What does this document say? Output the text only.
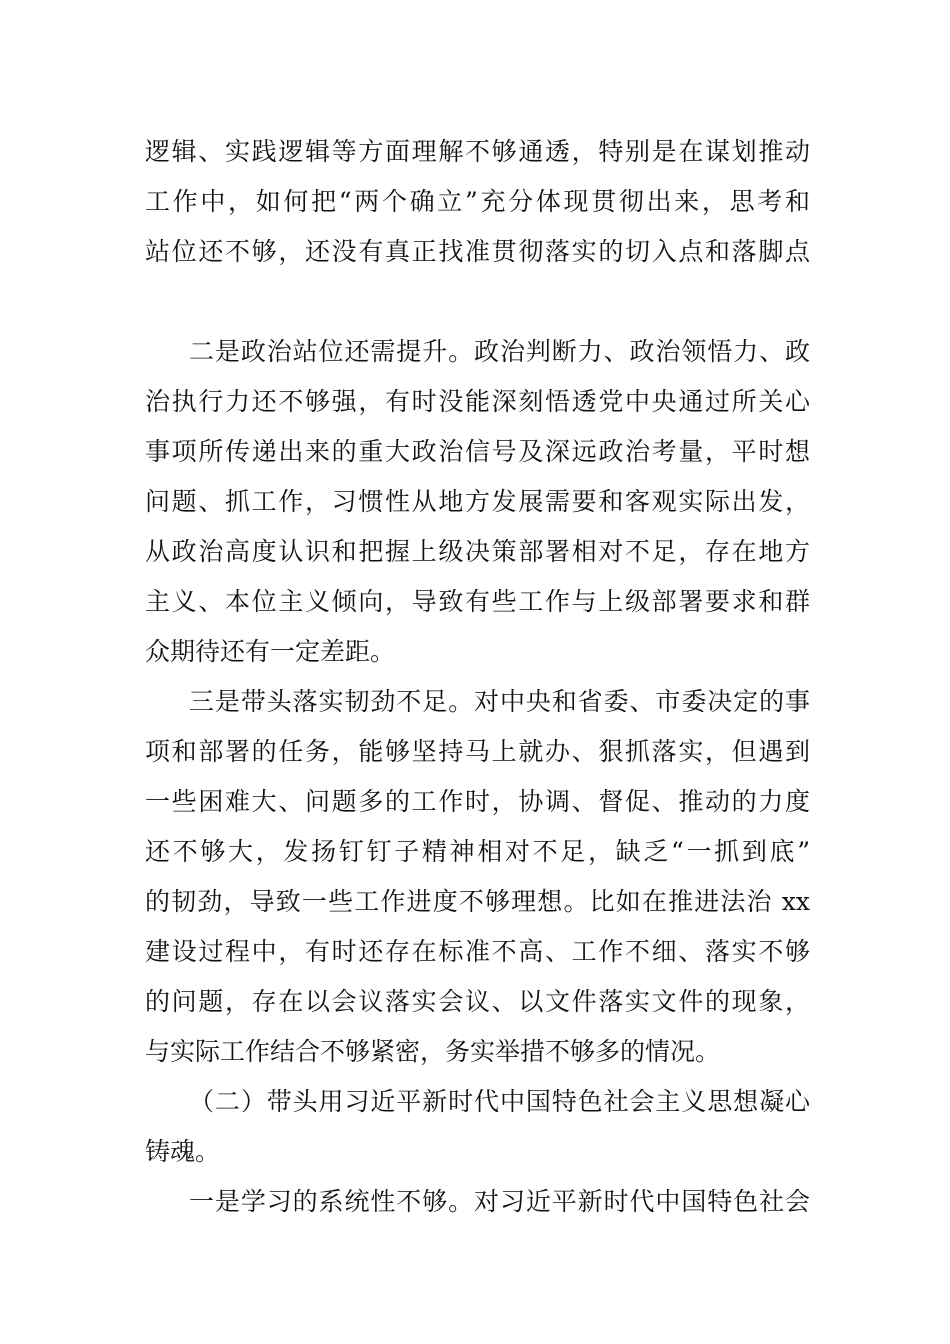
逻辑、实践逻辑等方面理解不够通透，特别是在谋划推动
工作中，如何把“两个确立”充分体现贯彻出来，思考和
站位还不够，还没有真正找准贯彻落实的切入点和落脚点
二是政治站位还需提升。政治判断力、政治领悟力、政
治执行力还不够强，有时没能深刻悟透党中央通过所关心
事项所传递出来的重大政治信号及深远政治考量，平时想
问题、抓工作，习惯性从地方发展需要和客观实际出发，
从政治高度认识和把握上级决策部署相对不足，存在地方
主义、本位主义倾向，导致有些工作与上级部署要求和群
众期待还有一定差距。
三是带头落实韧劲不足。对中央和省委、市委决定的事
项和部署的任务，能够坚持马上就办、狠抓落实，但遇到
一些困难大、问题多的工作时，协调、督促、推动的力度
还不够大，发扬钉钉子精神相对不足，缺乏“一抓到底”
的韧劲，导致一些工作进度不够理想。比如在推进法治 xx
建设过程中，有时还存在标准不高、工作不细、落实不够
的问题，存在以会议落实会议、以文件落实文件的现象，
与实际工作结合不够紧密，务实举措不够多的情况。
（二）带头用习近平新时代中国特色社会主义思想凝心
铸魂。
一是学习的系统性不够。对习近平新时代中国特色社会
